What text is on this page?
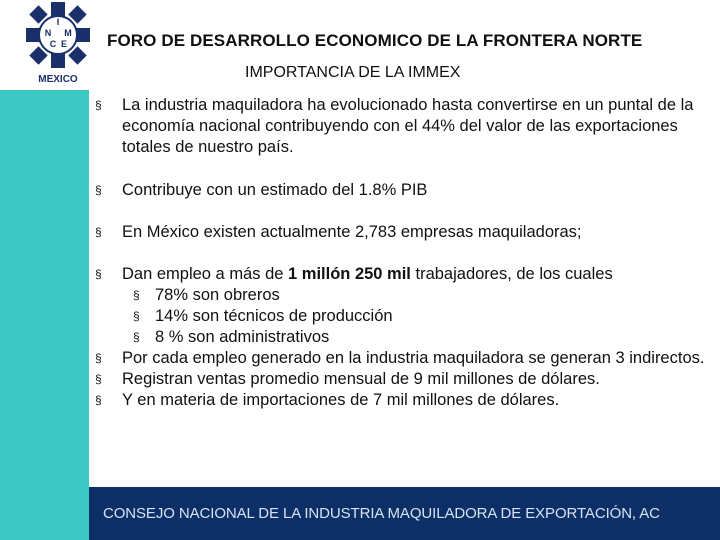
I
N M
C E
MEXICO
FORO DE DESARROLLO ECONOMICO DE LA FRONTERA NORTE
IMPORTANCIA DE LA IMMEX
§ La industria maquiladora ha evolucionado hasta convertirse en un puntal de la economía nacional contribuyendo con el 44% del valor de las exportaciones totales de nuestro país.
§ Contribuye con un estimado del 1.8% PIB
§ En México existen actualmente 2,783 empresas maquiladoras;
§ Dan empleo a más de 1 millón 250 mil trabajadores, de los cuales
§ 78% son obreros
§ 14% son técnicos de producción
§ 8 % son administrativos
§ Por cada empleo generado en la industria maquiladora se generan 3 indirectos.
§ Registran ventas promedio mensual de 9 mil millones de dólares.
§ Y en materia de importaciones de 7 mil millones de dólares.
CONSEJO NACIONAL DE LA INDUSTRIA MAQUILADORA DE EXPORTACIÓN, AC
